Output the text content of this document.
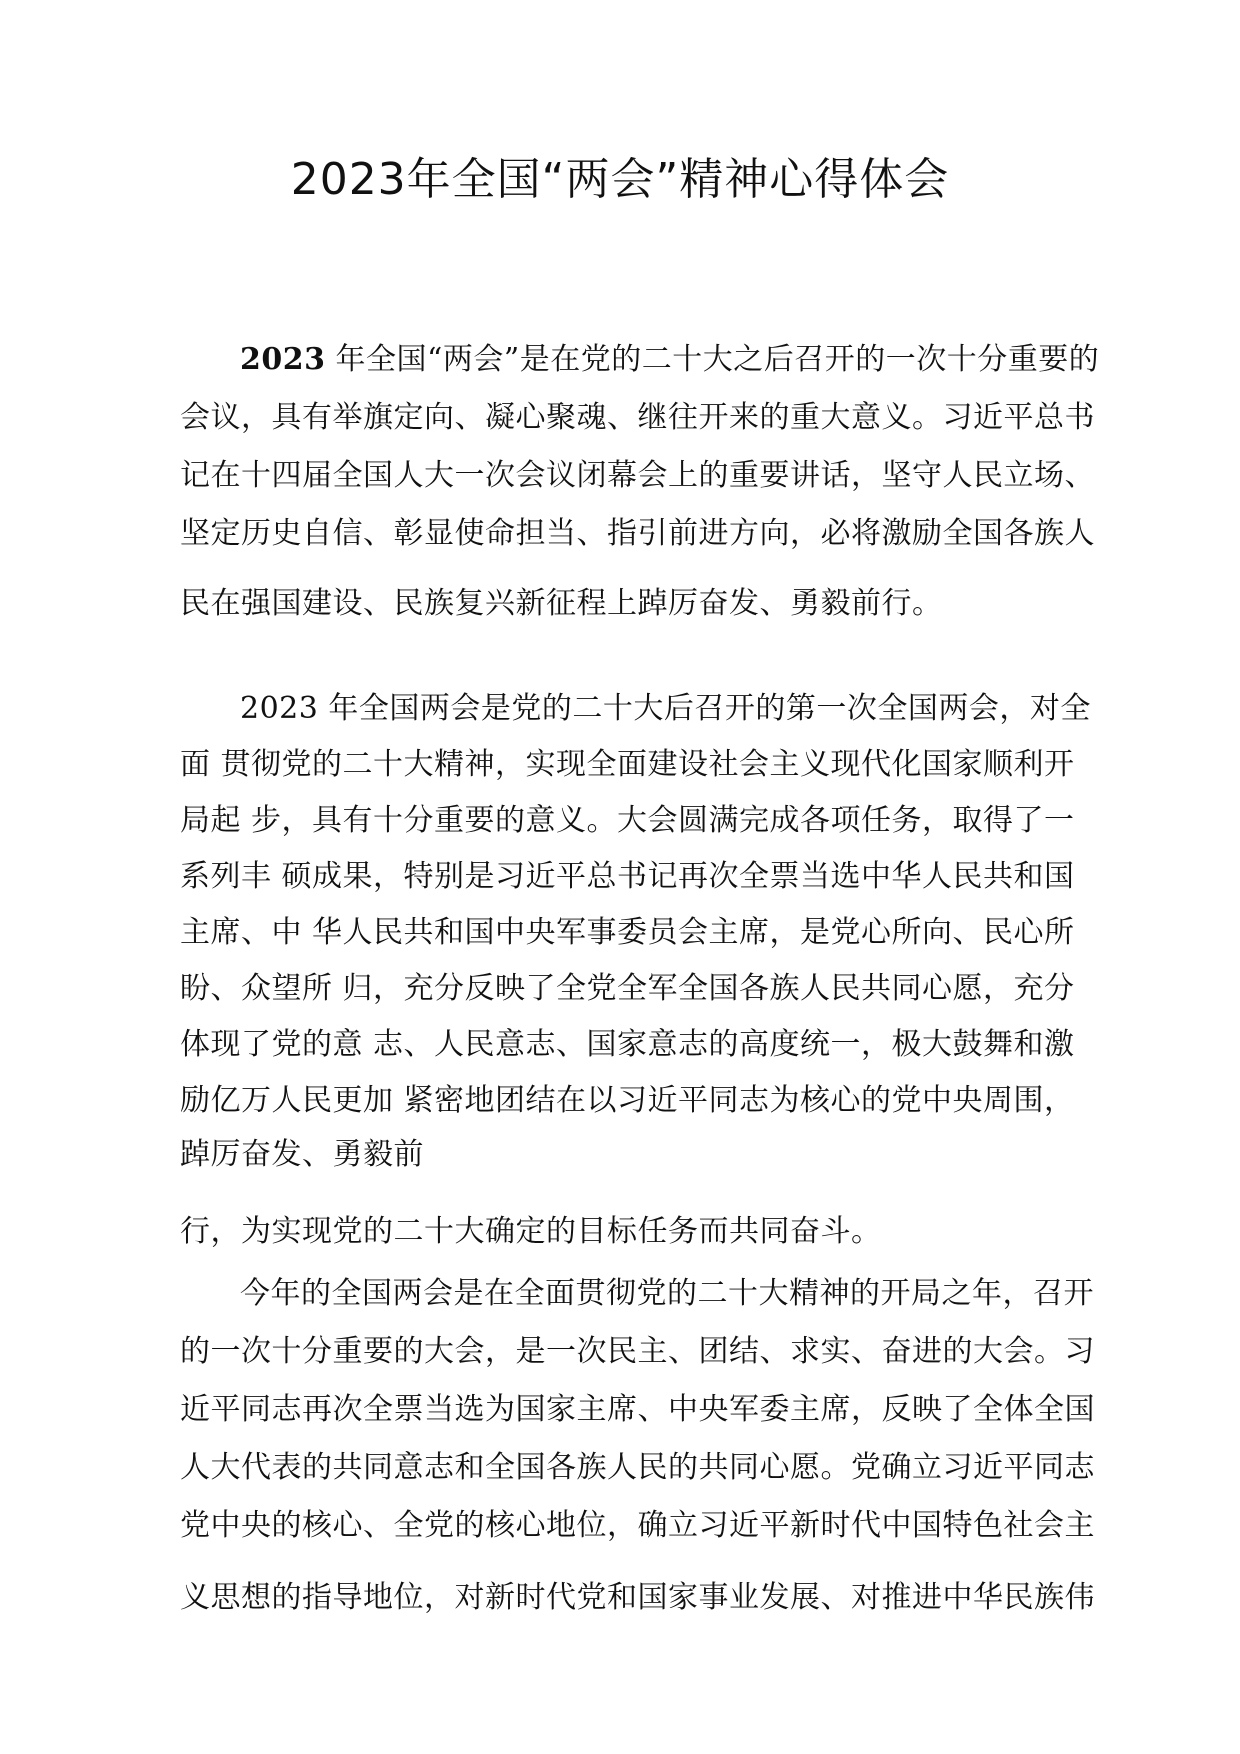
2023年全国“两会”精神心得体会

2023 年全国“两会”是在党的二十大之后召开的一次十分重要的

会议，具有举旗定向、凝心聚魂、继往开来的重大意义。习近平总书

记在十四届全国人大一次会议闭幕会上的重要讲话，坚守人民立场、

坚定历史自信、彰显使命担当、指引前进方向，必将激励全国各族人

民在强国建设、民族复兴新征程上踔厉奋发、勇毅前行。

2023 年全国两会是党的二十大后召开的第一次全国两会，对全

面 贯彻党的二十大精神，实现全面建设社会主义现代化国家顺利开

局起 步，具有十分重要的意义。大会圆满完成各项任务，取得了一

系列丰 硕成果，特别是习近平总书记再次全票当选中华人民共和国

主席、中 华人民共和国中央军事委员会主席，是党心所向、民心所

盼、众望所 归，充分反映了全党全军全国各族人民共同心愿，充分

体现了党的意 志、人民意志、国家意志的高度统一，极大鼓舞和激

励亿万人民更加 紧密地团结在以习近平同志为核心的党中央周围，

踔厉奋发、勇毅前

行，为实现党的二十大确定的目标任务而共同奋斗。

今年的全国两会是在全面贯彻党的二十大精神的开局之年，召开

的一次十分重要的大会，是一次民主、团结、求实、奋进的大会。习

近平同志再次全票当选为国家主席、中央军委主席，反映了全体全国

人大代表的共同意志和全国各族人民的共同心愿。党确立习近平同志

党中央的核心、全党的核心地位，确立习近平新时代中国特色社会主

义思想的指导地位，对新时代党和国家事业发展、对推进中华民族伟
